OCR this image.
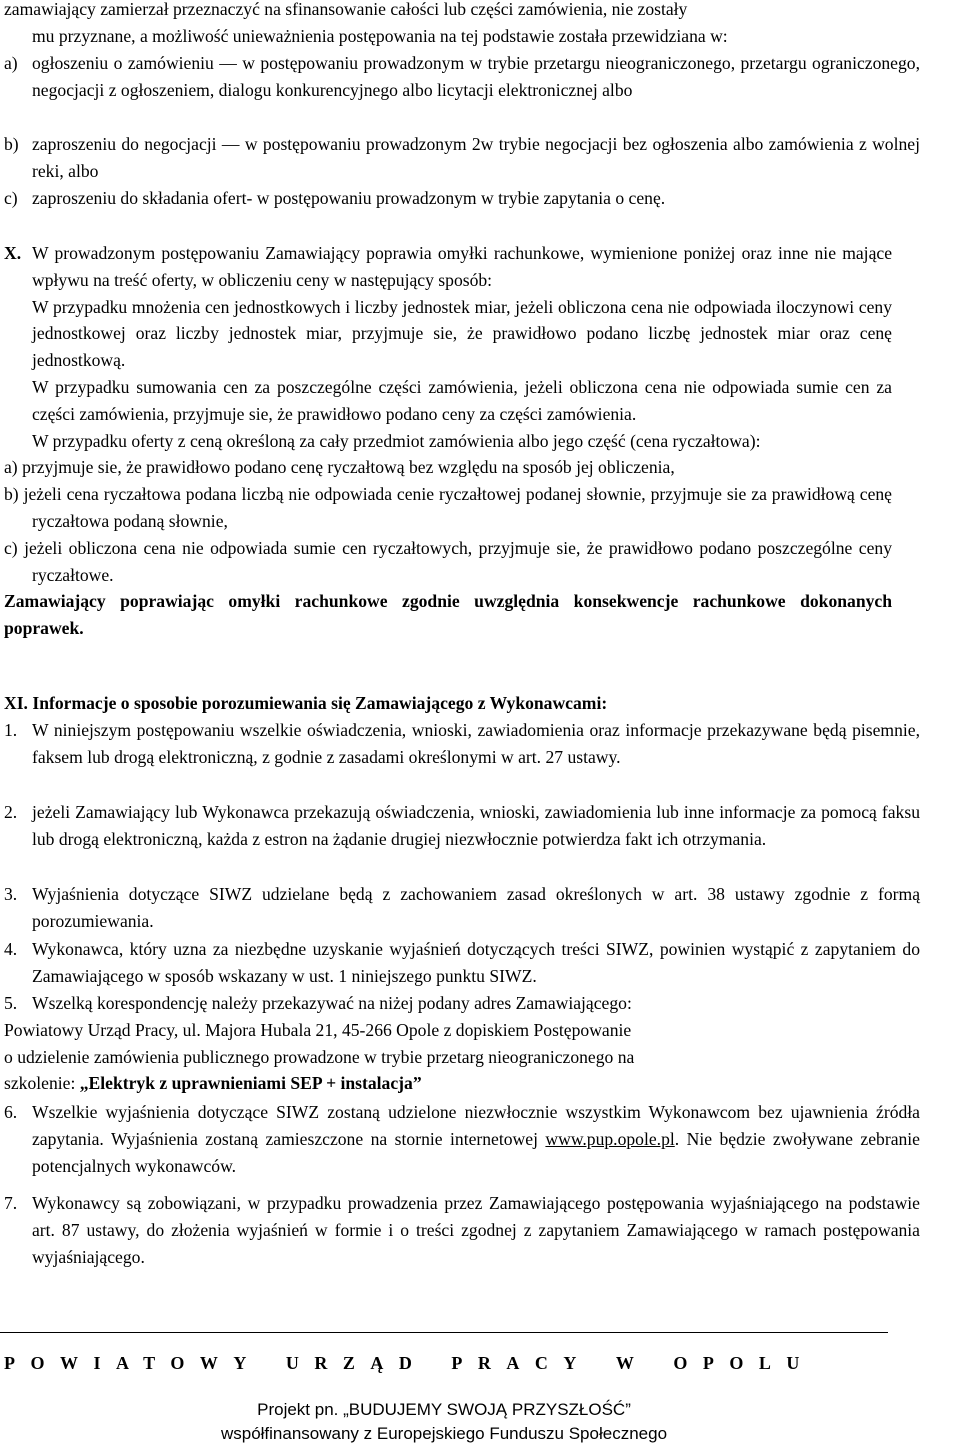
zamawiający zamierzał przeznaczyć na sfinansowanie całości lub części zamówienia, nie zostały
mu przyznane, a możliwość unieważnienia postępowania na tej podstawie została przewidziana w:
a) ogłoszeniu o zamówieniu — w postępowaniu prowadzonym w trybie przetargu nieograniczonego, przetargu ograniczonego, negocjacji z ogłoszeniem, dialogu konkurencyjnego albo licytacji elektronicznej albo
b) zaproszeniu do negocjacji — w postępowaniu prowadzonym 2w trybie negocjacji bez ogłoszenia albo zamówienia z wolnej reki, albo
c) zaproszeniu do składania ofert- w postępowaniu prowadzonym w trybie zapytania o cenę.
X. W prowadzonym postępowaniu Zamawiający poprawia omyłki rachunkowe, wymienione poniżej oraz inne nie mające wpływu na treść oferty, w obliczeniu ceny w następujący sposób:
W przypadku mnożenia cen jednostkowych i liczby jednostek miar, jeżeli obliczona cena nie odpowiada iloczynowi ceny jednostkowej oraz liczby jednostek miar, przyjmuje sie, że prawidłowo podano liczbę jednostek miar oraz cenę jednostkową.
W przypadku sumowania cen za poszczególne części zamówienia, jeżeli obliczona cena nie odpowiada sumie cen za części zamówienia, przyjmuje sie, że prawidłowo podano ceny za części zamówienia.
W przypadku oferty z ceną określoną za cały przedmiot zamówienia albo jego część (cena ryczałtowa):
a) przyjmuje sie, że prawidłowo podano cenę ryczałtową bez względu na sposób jej obliczenia,
b) jeżeli cena ryczałtowa podana liczbą nie odpowiada cenie ryczałtowej podanej słownie, przyjmuje sie za prawidłową cenę ryczałtowa podaną słownie,
c) jeżeli obliczona cena nie odpowiada sumie cen ryczałtowych, przyjmuje sie, że prawidłowo podano poszczególne ceny ryczałtowe.
Zamawiający poprawiając omyłki rachunkowe zgodnie uwzględnia konsekwencje rachunkowe dokonanych poprawek.
XI. Informacje o sposobie porozumiewania się Zamawiającego z Wykonawcami:
1. W niniejszym postępowaniu wszelkie oświadczenia, wnioski, zawiadomienia oraz informacje przekazywane będą pisemnie, faksem lub drogą elektroniczną, z godnie z zasadami określonymi w art. 27 ustawy.
2. jeżeli Zamawiający lub Wykonawca przekazują oświadczenia, wnioski, zawiadomienia lub inne informacje za pomocą faksu lub drogą elektroniczną, każda z estron na żądanie drugiej niezwłocznie potwierdza fakt ich otrzymania.
3. Wyjaśnienia dotyczące SIWZ udzielane będą z zachowaniem zasad określonych w art. 38 ustawy zgodnie z formą porozumiewania.
4. Wykonawca, który uzna za niezbędne uzyskanie wyjaśnień dotyczących treści SIWZ, powinien wystąpić z zapytaniem do Zamawiającego w sposób wskazany w ust. 1 niniejszego punktu SIWZ.
5. Wszelką korespondencję należy przekazywać na niżej podany adres Zamawiającego:
Powiatowy Urząd Pracy, ul. Majora Hubala 21, 45-266 Opole z dopiskiem Postępowanie
o udzielenie zamówienia publicznego prowadzone w trybie przetarg nieograniczonego na
szkolenie: „Elektryk z uprawnieniami SEP + instalacja”
6. Wszelkie wyjaśnienia dotyczące SIWZ zostaną udzielone niezwłocznie wszystkim Wykonawcom bez ujawnienia źródła zapytania. Wyjaśnienia zostaną zamieszczone na stornie internetowej www.pup.opole.pl. Nie będzie zwoływane zebranie potencjalnych wykonawców.
7. Wykonawcy są zobowiązani, w przypadku prowadzenia przez Zamawiającego postępowania wyjaśniającego na podstawie art. 87 ustawy, do złożenia wyjaśnień w formie i o treści zgodnej z zapytaniem Zamawiającego w ramach postępowania wyjaśniającego.
POWIATOWY URZĄD PRACY W OPOLU
Projekt pn. „BUDUJEMY SWOJĄ PRZYSZŁOŚĆ”
współfinansowany z Europejskiego Funduszu Społecznego
